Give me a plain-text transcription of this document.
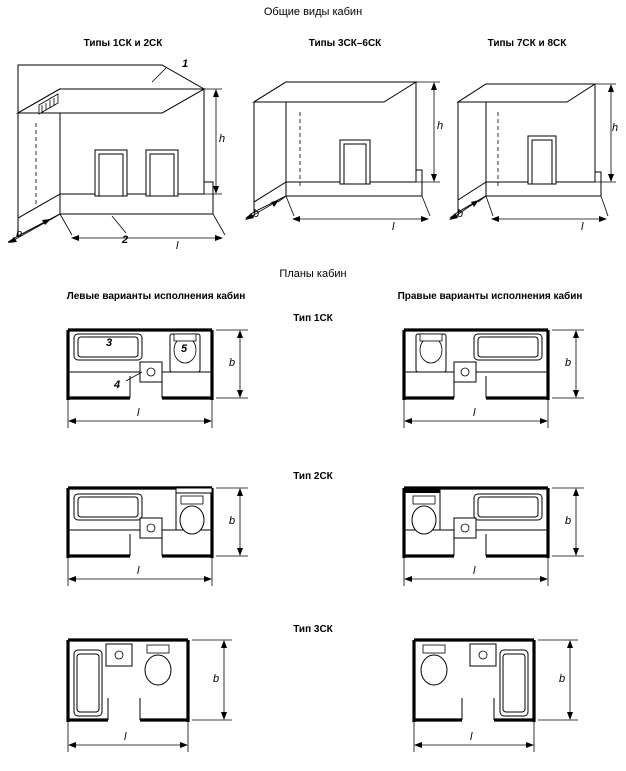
Общие виды кабин
Типы 1СК и 2СК	Типы 3СК–6СК	Типы 7СК и 8СК
1
2
h
b
l
h
b
l
h
b
l
Планы кабин
Левые варианты исполнения кабин	Правые варианты исполнения кабин
Тип 1СК
3
4
5
b
l
b
l
Тип 2СК
b
l
b
l
Тип 3СК
b
l
b
l
